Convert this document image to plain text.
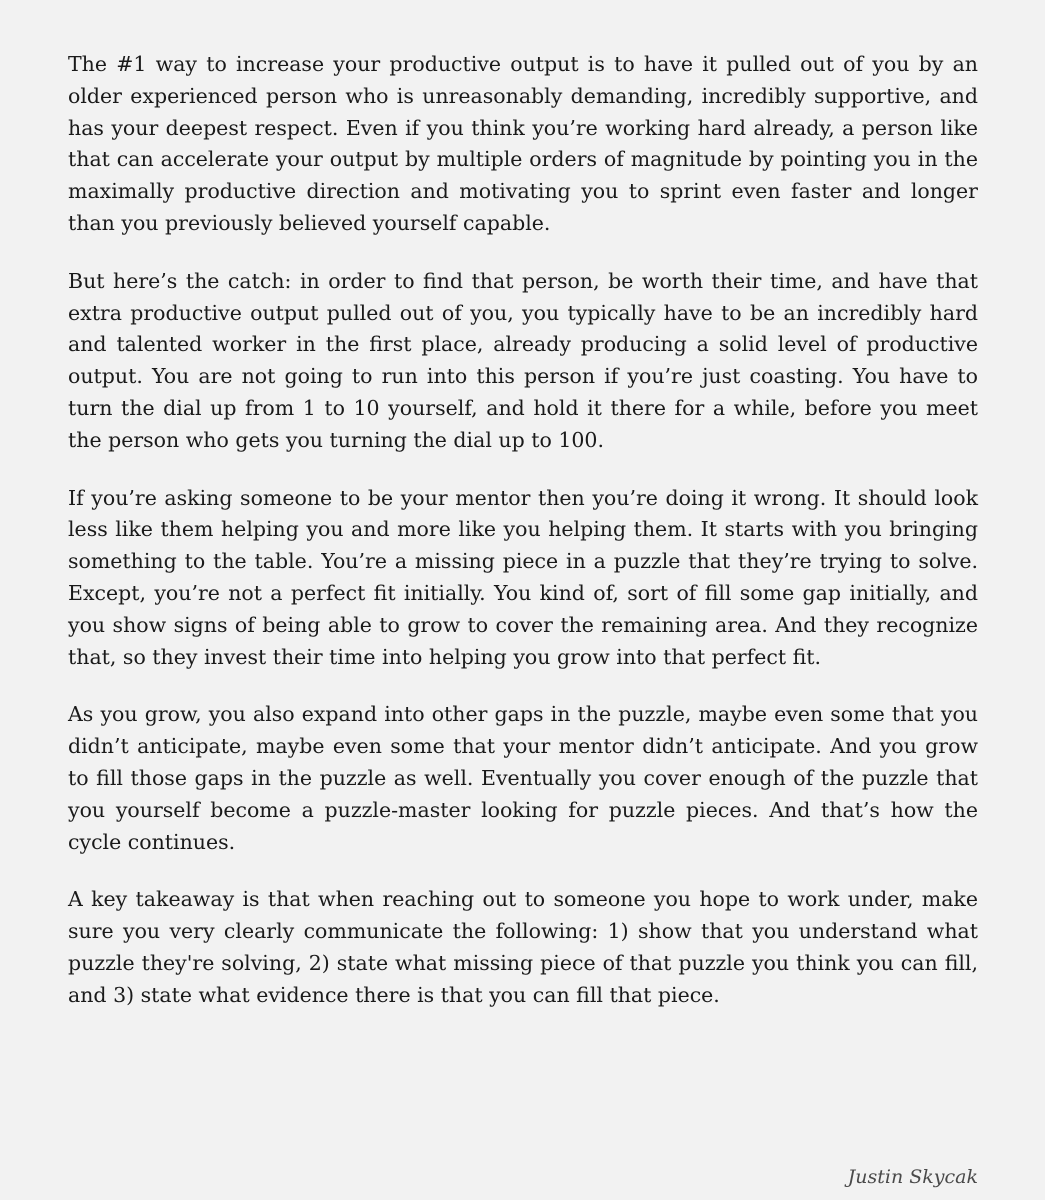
The #1 way to increase your productive output is to have it pulled out of you by an older experienced person who is unreasonably demanding, incredibly supportive, and has your deepest respect. Even if you think you’re working hard already, a person like that can accelerate your output by multiple orders of magnitude by pointing you in the maximally productive direction and motivating you to sprint even faster and longer than you previously believed yourself capable.

But here’s the catch: in order to find that person, be worth their time, and have that extra productive output pulled out of you, you typically have to be an incredibly hard and talented worker in the first place, already producing a solid level of productive output. You are not going to run into this person if you’re just coasting. You have to turn the dial up from 1 to 10 yourself, and hold it there for a while, before you meet the person who gets you turning the dial up to 100.

If you’re asking someone to be your mentor then you’re doing it wrong. It should look less like them helping you and more like you helping them. It starts with you bringing something to the table. You’re a missing piece in a puzzle that they’re trying to solve. Except, you’re not a perfect fit initially. You kind of, sort of fill some gap initially, and you show signs of being able to grow to cover the remaining area. And they recognize that, so they invest their time into helping you grow into that perfect fit.

As you grow, you also expand into other gaps in the puzzle, maybe even some that you didn’t anticipate, maybe even some that your mentor didn’t anticipate. And you grow to fill those gaps in the puzzle as well. Eventually you cover enough of the puzzle that you yourself become a puzzle-master looking for puzzle pieces. And that’s how the cycle continues.

A key takeaway is that when reaching out to someone you hope to work under, make sure you very clearly communicate the following: 1) show that you understand what puzzle they're solving, 2) state what missing piece of that puzzle you think you can fill, and 3) state what evidence there is that you can fill that piece.

Justin Skycak
